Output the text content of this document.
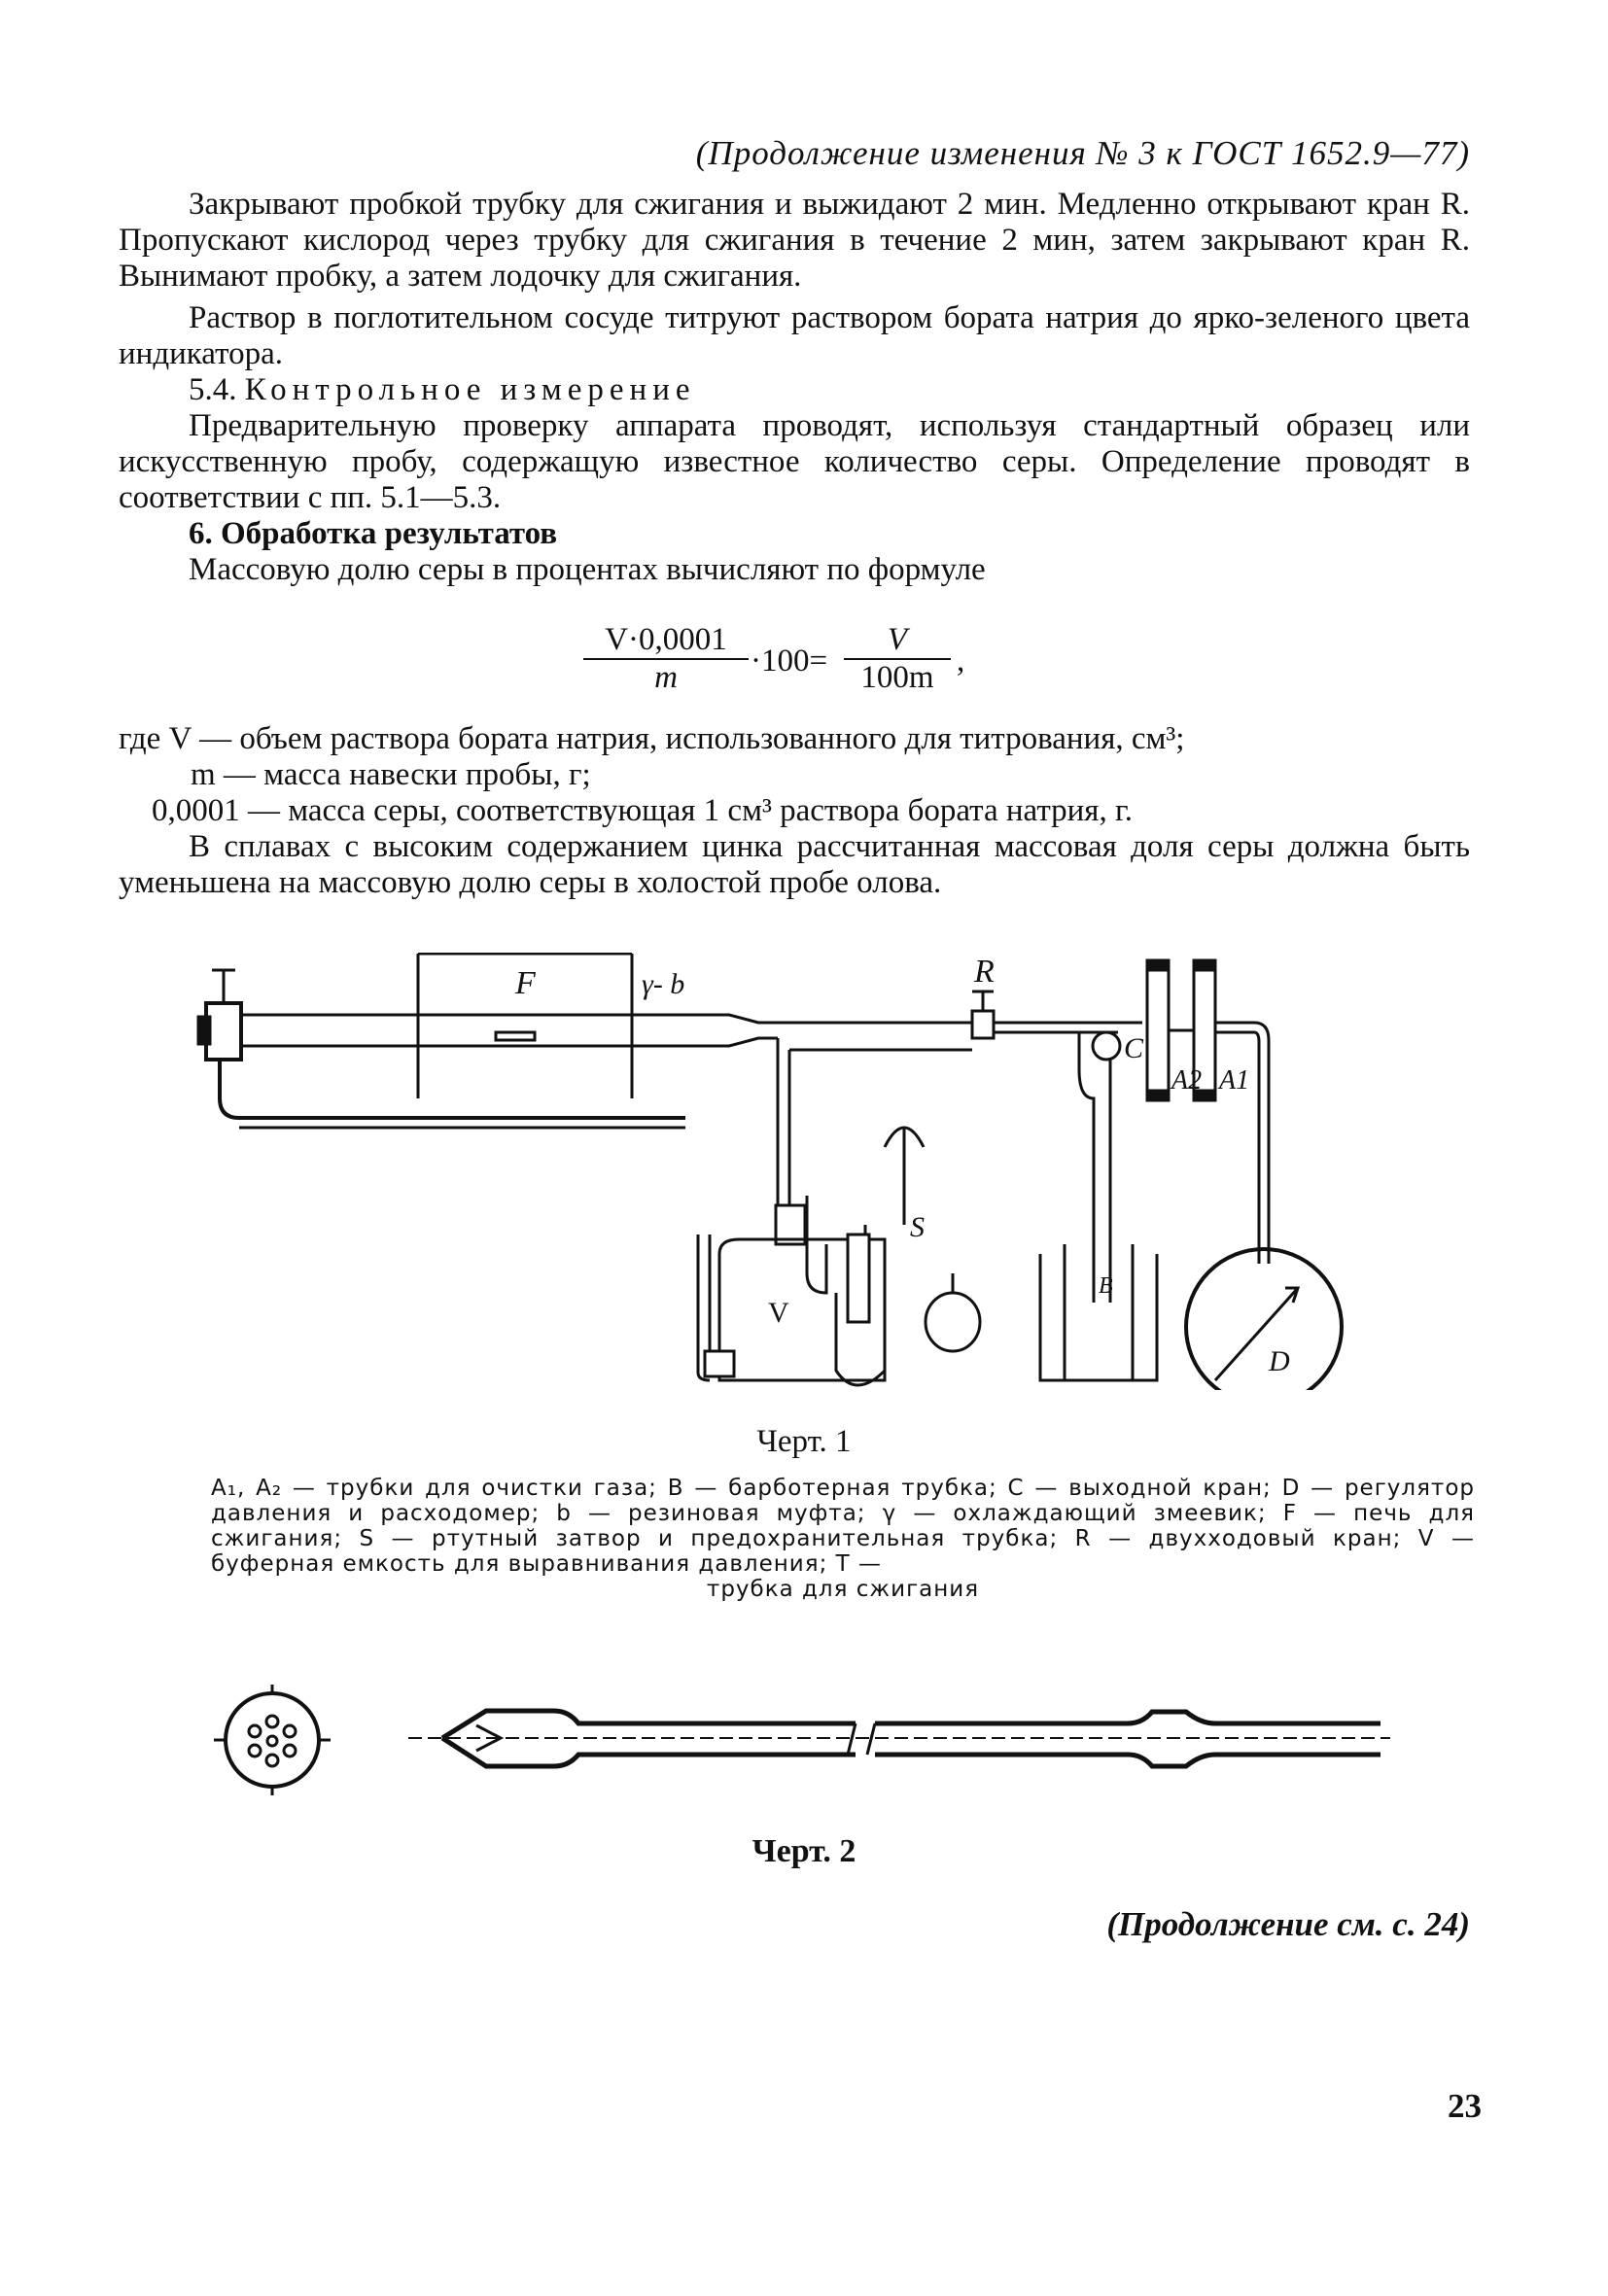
(Продолжение изменения № 3 к ГОСТ 1652.9—77)

Закрывают пробкой трубку для сжигания и выжидают 2 мин. Медленно открывают кран R. Пропускают кислород через трубку для сжигания в течение 2 мин, затем закрывают кран R. Вынимают пробку, а затем лодочку для сжигания.

Раствор в поглотительном сосуде титруют раствором бората натрия до ярко-зеленого цвета индикатора.

5.4. Контрольное измерение

Предварительную проверку аппарата проводят, используя стандартный образец или искусственную пробу, содержащую известное количество серы. Определение проводят в соответствии с пп. 5.1—5.3.

6. Обработка результатов

Массовую долю серы в процентах вычисляют по формуле

$\frac{V\cdot 0,0001}{m} \cdot 100= \frac{V}{100m}$ ,
где V — объем раствора бората натрия, использованного для титрования, см³;
m — масса навески пробы, г;
0,0001 — масса серы, соответствующая 1 см³ раствора бората натрия, г.
В сплавах с высоким содержанием цинка рассчитанная массовая доля серы должна быть уменьшена на массовую долю серы в холостой пробе олова.
F	γ- b	R
C
A2 A1
S
V
B
D
Черт. 1
A₁, A₂ — трубки для очистки газа; B — барботерная трубка; C — выходной кран; D — регулятор давления и расходомер; b — резиновая муфта; γ — охлаждающий змеевик; F — печь для сжигания; S — ртутный затвор и предохранительная трубка; R — двухходовый кран; V — буферная емкость для выравнивания давления; T —
трубка для сжигания
Черт. 2
(Продолжение см. с. 24)
23
